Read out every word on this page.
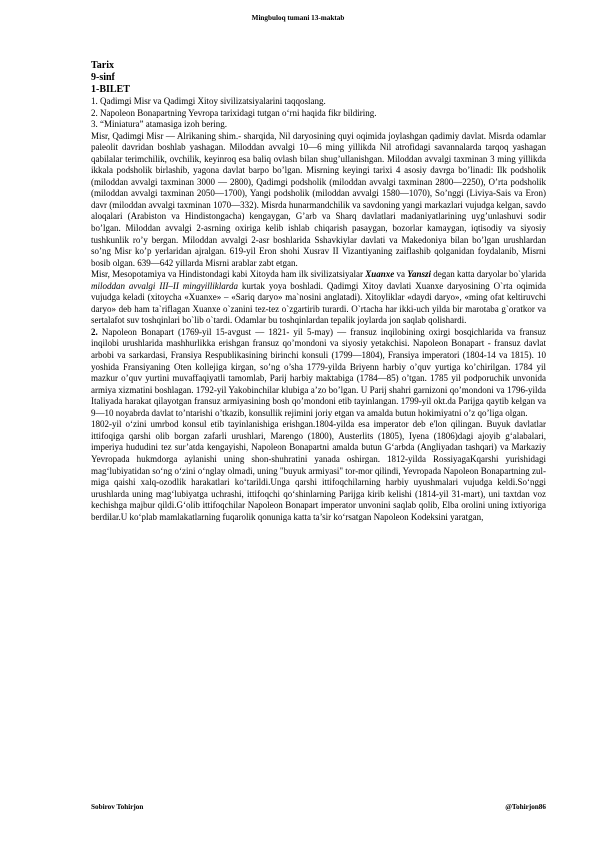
Mingbuloq tumani 13-maktab

Tarix

9-sinf

1-BILET

1. Qadimgi Misr va Qadimgi Xitoy sivilizatsiyalarini taqqoslang.

2. Napoleon Bonapartning Yevropa tarixidagi tutgan o‘rni haqida fikr bildiring.

3. “Miniatura” atamasiga izoh bering.

Misr, Qadimgi Misr — Alrikaning shim.- sharqida, Nil daryosining quyi oqimida joylashgan qadimiy davlat. Misrda odamlar paleolit davridan boshlab yashagan. Miloddan avvalgi 10—6 ming yillikda Nil atrofidagi savannalarda tarqoq yashagan qabilalar terimchilik, ovchilik, keyinroq esa baliq ovlash bilan shug’ullanishgan. Miloddan avvalgi taxminan 3 ming yillikda ikkala podsholik birlashib, yagona davlat barpo bo’lgan. Misrning keyingi tarixi 4 asosiy davrga bo’linadi: Ilk podsholik (miloddan avvalgi taxminan 3000 — 2800), Qadimgi podsholik (miloddan avvalgi taxminan 2800—2250), O’rta podsholik (miloddan avvalgi taxminan 2050—1700), Yangi podsholik (miloddan avvalgi 1580—1070), So’nggi (Liviya-Sais va Eron) davr (miloddan avvalgi taxminan 1070—332). Misrda hunarmandchilik va savdoning yangi markazlari vujudga kelgan, savdo aloqalari (Arabiston va Hindistongacha) kengaygan, G’arb va Sharq davlatlari madaniyatlarining uyg’unlashuvi sodir bo’lgan. Miloddan avvalgi 2-asrning oxiriga kelib ishlab chiqarish pasaygan, bozorlar kamaygan, iqtisodiy va siyosiy tushkunlik ro’y bergan. Miloddan avvalgi 2-asr boshlarida Sshavkiylar davlati va Makedoniya bilan bo’lgan urushlardan so’ng Misr ko’p yerlaridan ajralgan. 619-yil Eron shohi Xusrav II Vizantiyaning zaiflashib qolganidan foydalanib, Misrni bosib olgan. 639—642 yillarda Misrni arablar zabt etgan.

Misr, Mesopotamiya va Hindistondagi kabi Xitoyda ham ilk sivilizatsiyalar Xuanxe va Yanszi degan katta daryolar bo`ylarida miloddan avvalgi III–II mingyilliklarda kurtak yoya boshladi. Qadimgi Xitoy davlati Xuanxe daryosining O`rta oqimida vujudga keladi (xitoycha «Xuanxe» – «Sariq daryo» ma`nosini anglatadi). Xitoyliklar «daydi daryo», «ming ofat keltiruvchi daryo» deb ham ta`riflagan Xuanxe o`zanini tez-tez o`zgartirib turardi. O`rtacha har ikki-uch yilda bir marotaba g`oratkor va sertalafot suv toshqinlari bo`lib o`tardi. Odamlar bu toshqinlardan tepalik joylarda jon saqlab qolishardi.

2. Napoleon Bonapart (1769-yil 15-avgust — 1821- yil 5-may) — fransuz inqilobining oxirgi bosqichlarida va fransuz inqilobi urushlarida mashhurlikka erishgan fransuz qo’mondoni va siyosiy yetakchisi. Napoleon Bonapart - fransuz davlat arbobi va sarkardasi, Fransiya Respublikasining birinchi konsuli (1799—1804), Fransiya imperatori (1804-14 va 1815). 10 yoshida Fransiyaning Oten kollejiga kirgan, so’ng o’sha 1779-yilda Briyenn harbiy o’quv yurtiga ko’chirilgan. 1784 yil mazkur o’quv yurtini muvaffaqiyatli tamomlab, Parij harbiy maktabiga (1784—85) o’tgan. 1785 yil podporuchik unvonida armiya xizmatini boshlagan. 1792-yil Yakobinchilar klubiga a’zo bo’lgan. U Parij shahri garnizoni qo’mondoni va 1796-yilda Italiyada harakat qilayotgan fransuz armiyasining bosh qo’mondoni etib tayinlangan. 1799-yil okt.da Parijga qaytib kelgan va 9—10 noyabrda davlat to’ntarishi o’tkazib, konsullik rejimini joriy etgan va amalda butun hokimiyatni o’z qo’liga olgan.

1802-yil o‘zini umrbod konsul etib tayinlanishiga erishgan.1804-yilda esa imperator deb e'lon qilingan. Buyuk davlatlar ittifoqiga qarshi olib borgan zafarli urushlari, Marengo (1800), Austerlits (1805), Iyena (1806)dagi ajoyib g‘alabalari, imperiya hududini tez sur’atda kengayishi, Napoleon Bonapartni amalda butun G‘arbda (Angliyadan tashqari) va Markaziy Yevropada hukmdorga aylanishi uning shon-shuhratini yanada oshirgan. 1812-yilda RossiyagaKqarshi yurishidagi mag‘lubiyatidan so‘ng o‘zini o‘nglay olmadi, uning "buyuk armiyasi" tor-mor qilindi, Yevropada Napoleon Bonapartning zul-miga qaishi xalq-ozodlik harakatlari ko‘tarildi.Unga qarshi ittifoqchilarning harbiy uyushmalari vujudga keldi.So‘nggi urushlarda uning mag‘lubiyatga uchrashi, ittifoqchi qo‘shinlarning Parijga kirib kelishi (1814-yil 31-mart), uni taxtdan voz kechishga majbur qildi.G‘olib ittifoqchilar Napoleon Bonapart imperator unvonini saqlab qolib, Elba orolini uning ixtiyoriga berdilar.U ko‘plab mamlakatlarning fuqarolik qonuniga katta ta’sir ko‘rsatgan Napoleon Kodeksini yaratgan,

Sobirov Tohirjon	@Tohirjon86
